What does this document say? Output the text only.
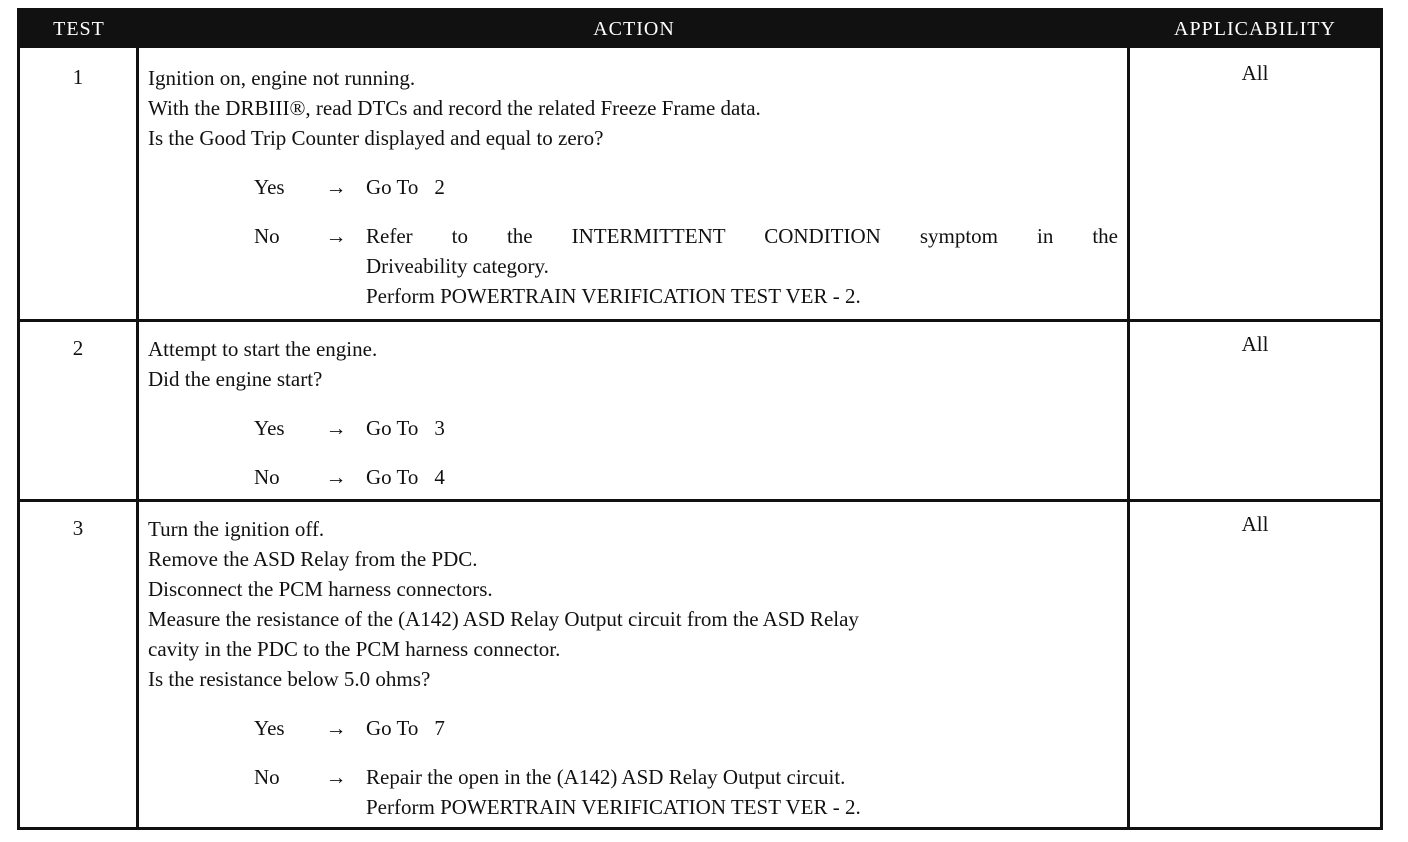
TEST	ACTION	APPLICABILITY
1	Ignition on, engine not running.
With the DRBIII®, read DTCs and record the related Freeze Frame data.
Is the Good Trip Counter displayed and equal to zero?
Yes → Go To 2
No → Refer to the INTERMITTENT CONDITION symptom in the
Driveability category.
Perform POWERTRAIN VERIFICATION TEST VER - 2.
All
2	Attempt to start the engine.
Did the engine start?
Yes → Go To 3
No → Go To 4
All
3	Turn the ignition off.
Remove the ASD Relay from the PDC.
Disconnect the PCM harness connectors.
Measure the resistance of the (A142) ASD Relay Output circuit from the ASD Relay
cavity in the PDC to the PCM harness connector.
Is the resistance below 5.0 ohms?
Yes → Go To 7
No → Repair the open in the (A142) ASD Relay Output circuit.
Perform POWERTRAIN VERIFICATION TEST VER - 2.
All
